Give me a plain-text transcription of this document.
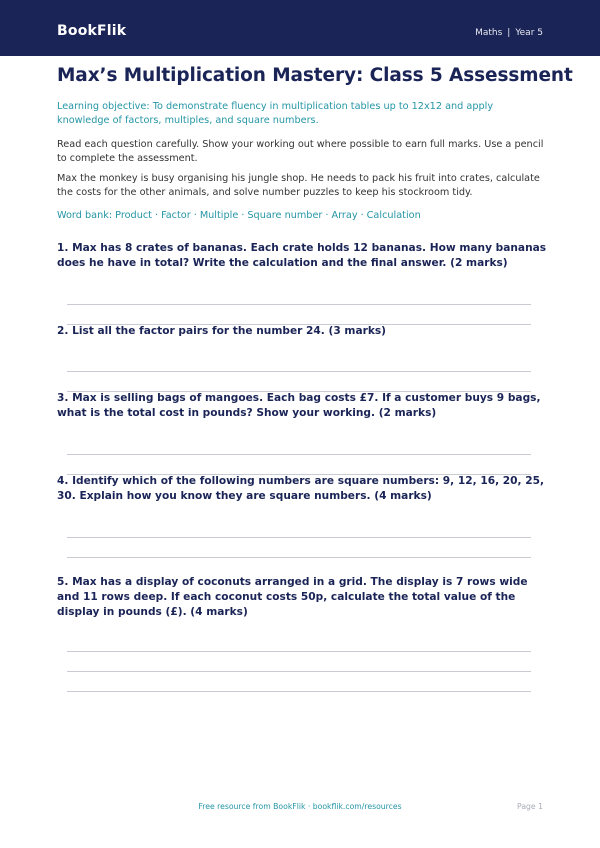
BookFlik	Maths | Year 5
Max’s Multiplication Mastery: Class 5 Assessment
Learning objective: To demonstrate fluency in multiplication tables up to 12x12 and apply knowledge of factors, multiples, and square numbers.
Read each question carefully. Show your working out where possible to earn full marks. Use a pencil to complete the assessment.
Max the monkey is busy organising his jungle shop. He needs to pack his fruit into crates, calculate the costs for the other animals, and solve number puzzles to keep his stockroom tidy.
Word bank: Product · Factor · Multiple · Square number · Array · Calculation
1. Max has 8 crates of bananas. Each crate holds 12 bananas. How many bananas does he have in total? Write the calculation and the final answer. (2 marks)
2. List all the factor pairs for the number 24. (3 marks)
3. Max is selling bags of mangoes. Each bag costs £7. If a customer buys 9 bags, what is the total cost in pounds? Show your working. (2 marks)
4. Identify which of the following numbers are square numbers: 9, 12, 16, 20, 25, 30. Explain how you know they are square numbers. (4 marks)
5. Max has a display of coconuts arranged in a grid. The display is 7 rows wide and 11 rows deep. If each coconut costs 50p, calculate the total value of the display in pounds (£). (4 marks)
Free resource from BookFlik · bookflik.com/resources	Page 1
